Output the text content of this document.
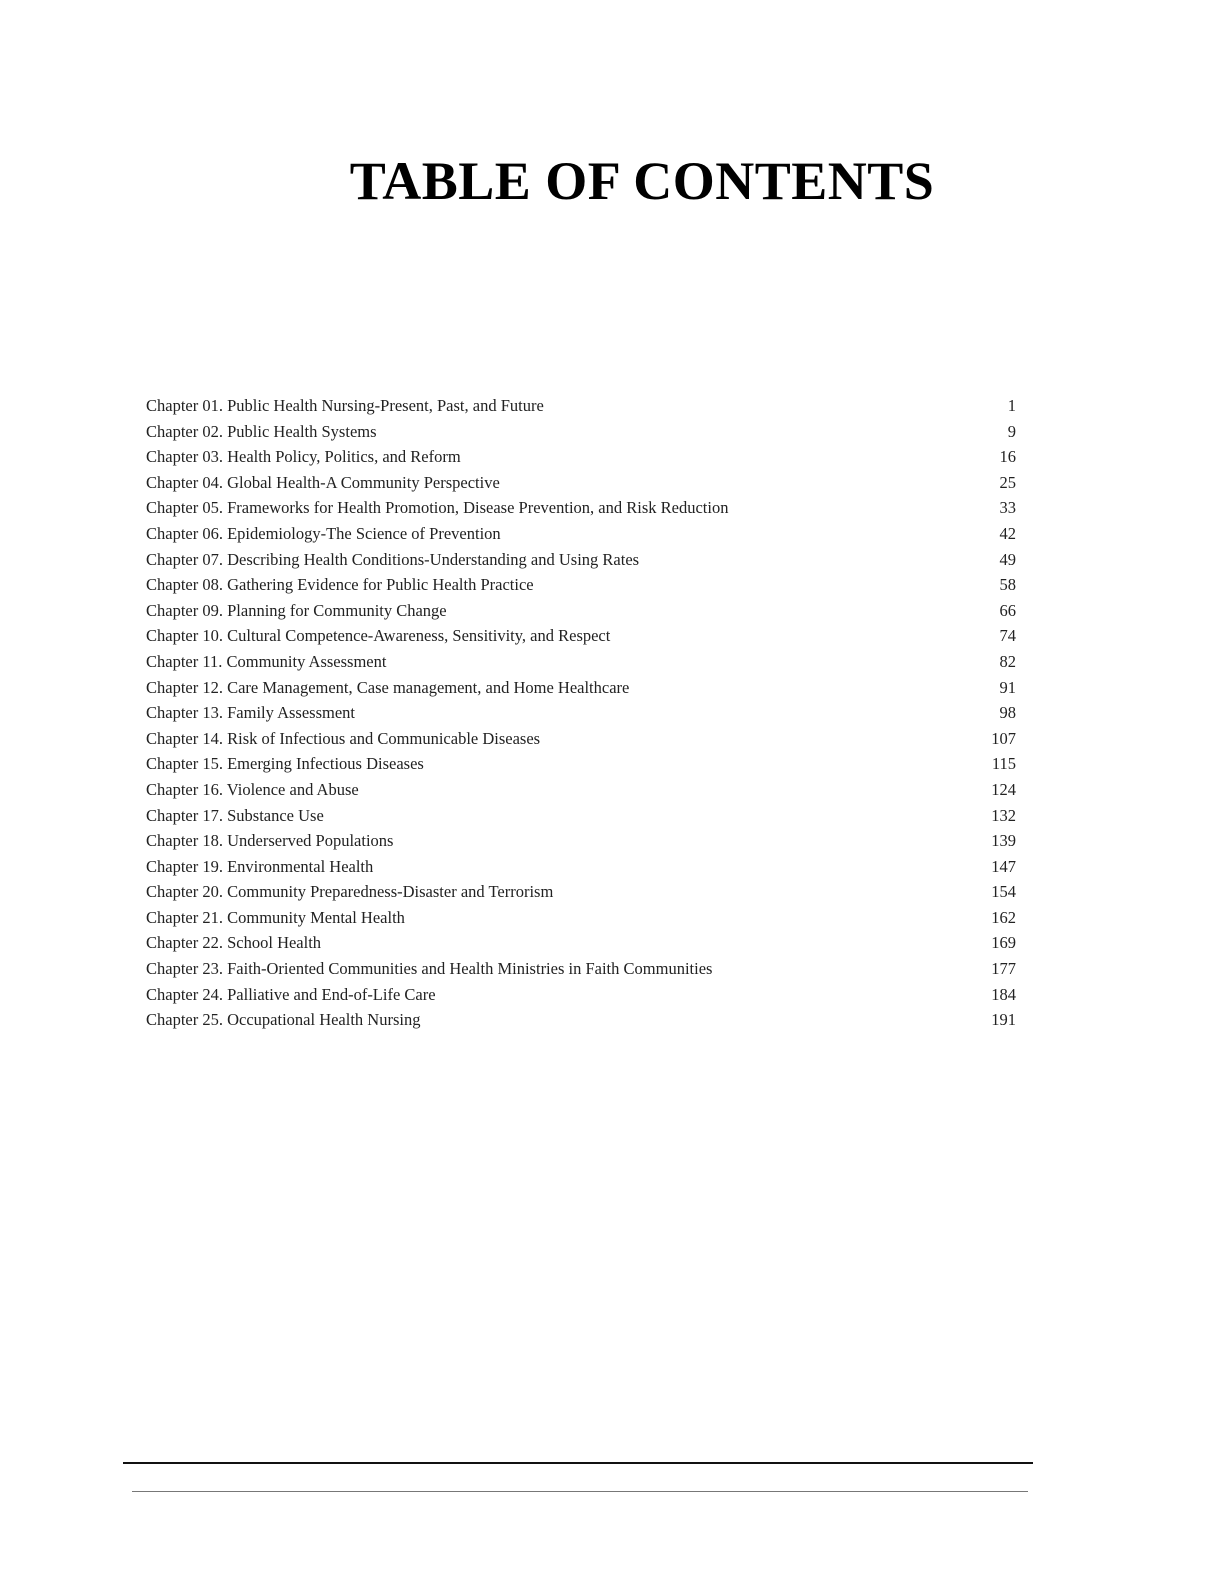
TABLE OF CONTENTS
Chapter 01. Public Health Nursing-Present, Past, and Future	1
Chapter 02. Public Health Systems	9
Chapter 03. Health Policy, Politics, and Reform	16
Chapter 04. Global Health-A Community Perspective	25
Chapter 05. Frameworks for Health Promotion, Disease Prevention, and Risk Reduction	33
Chapter 06. Epidemiology-The Science of Prevention	42
Chapter 07. Describing Health Conditions-Understanding and Using Rates	49
Chapter 08. Gathering Evidence for Public Health Practice	58
Chapter 09. Planning for Community Change	66
Chapter 10. Cultural Competence-Awareness, Sensitivity, and Respect	74
Chapter 11. Community Assessment	82
Chapter 12. Care Management, Case management, and Home Healthcare	91
Chapter 13. Family Assessment	98
Chapter 14. Risk of Infectious and Communicable Diseases	107
Chapter 15. Emerging Infectious Diseases	115
Chapter 16. Violence and Abuse	124
Chapter 17. Substance Use	132
Chapter 18. Underserved Populations	139
Chapter 19. Environmental Health	147
Chapter 20. Community Preparedness-Disaster and Terrorism	154
Chapter 21. Community Mental Health	162
Chapter 22. School Health	169
Chapter 23. Faith-Oriented Communities and Health Ministries in Faith Communities	177
Chapter 24. Palliative and End-of-Life Care	184
Chapter 25. Occupational Health Nursing	191
